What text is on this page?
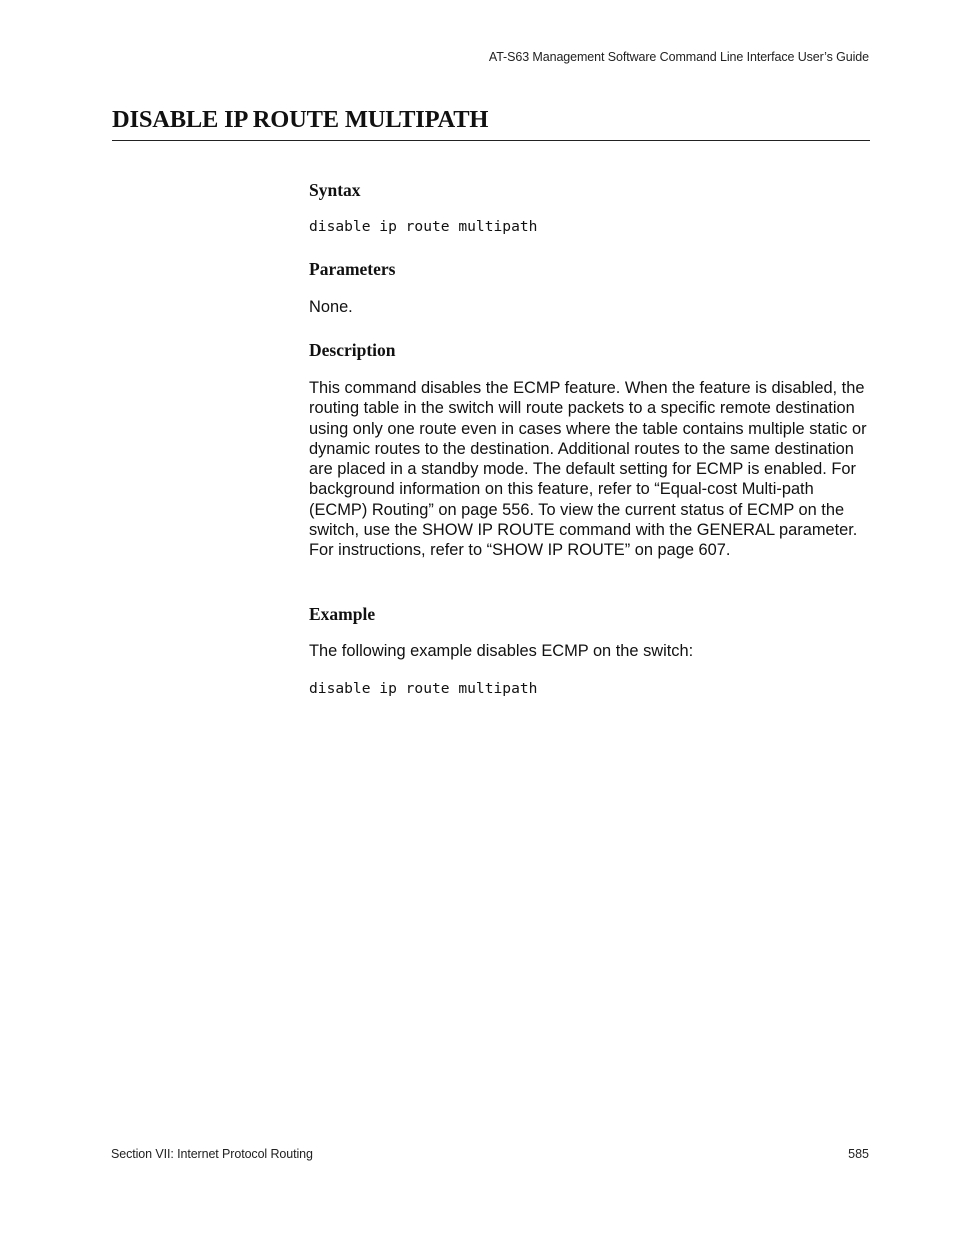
AT-S63 Management Software Command Line Interface User’s Guide
DISABLE IP ROUTE MULTIPATH
Syntax
disable ip route multipath
Parameters

None.

Description

This command disables the ECMP feature. When the feature is disabled, the routing table in the switch will route packets to a specific remote destination using only one route even in cases where the table contains multiple static or dynamic routes to the destination. Additional routes to the same destination are placed in a standby mode. The default setting for ECMP is enabled. For background information on this feature, refer to “Equal-cost Multi-path (ECMP) Routing” on page 556. To view the current status of ECMP on the switch, use the SHOW IP ROUTE command with the GENERAL parameter. For instructions, refer to “SHOW IP ROUTE” on page 607.

Example

The following example disables ECMP on the switch:

disable ip route multipath
Section VII: Internet Protocol Routing	585
